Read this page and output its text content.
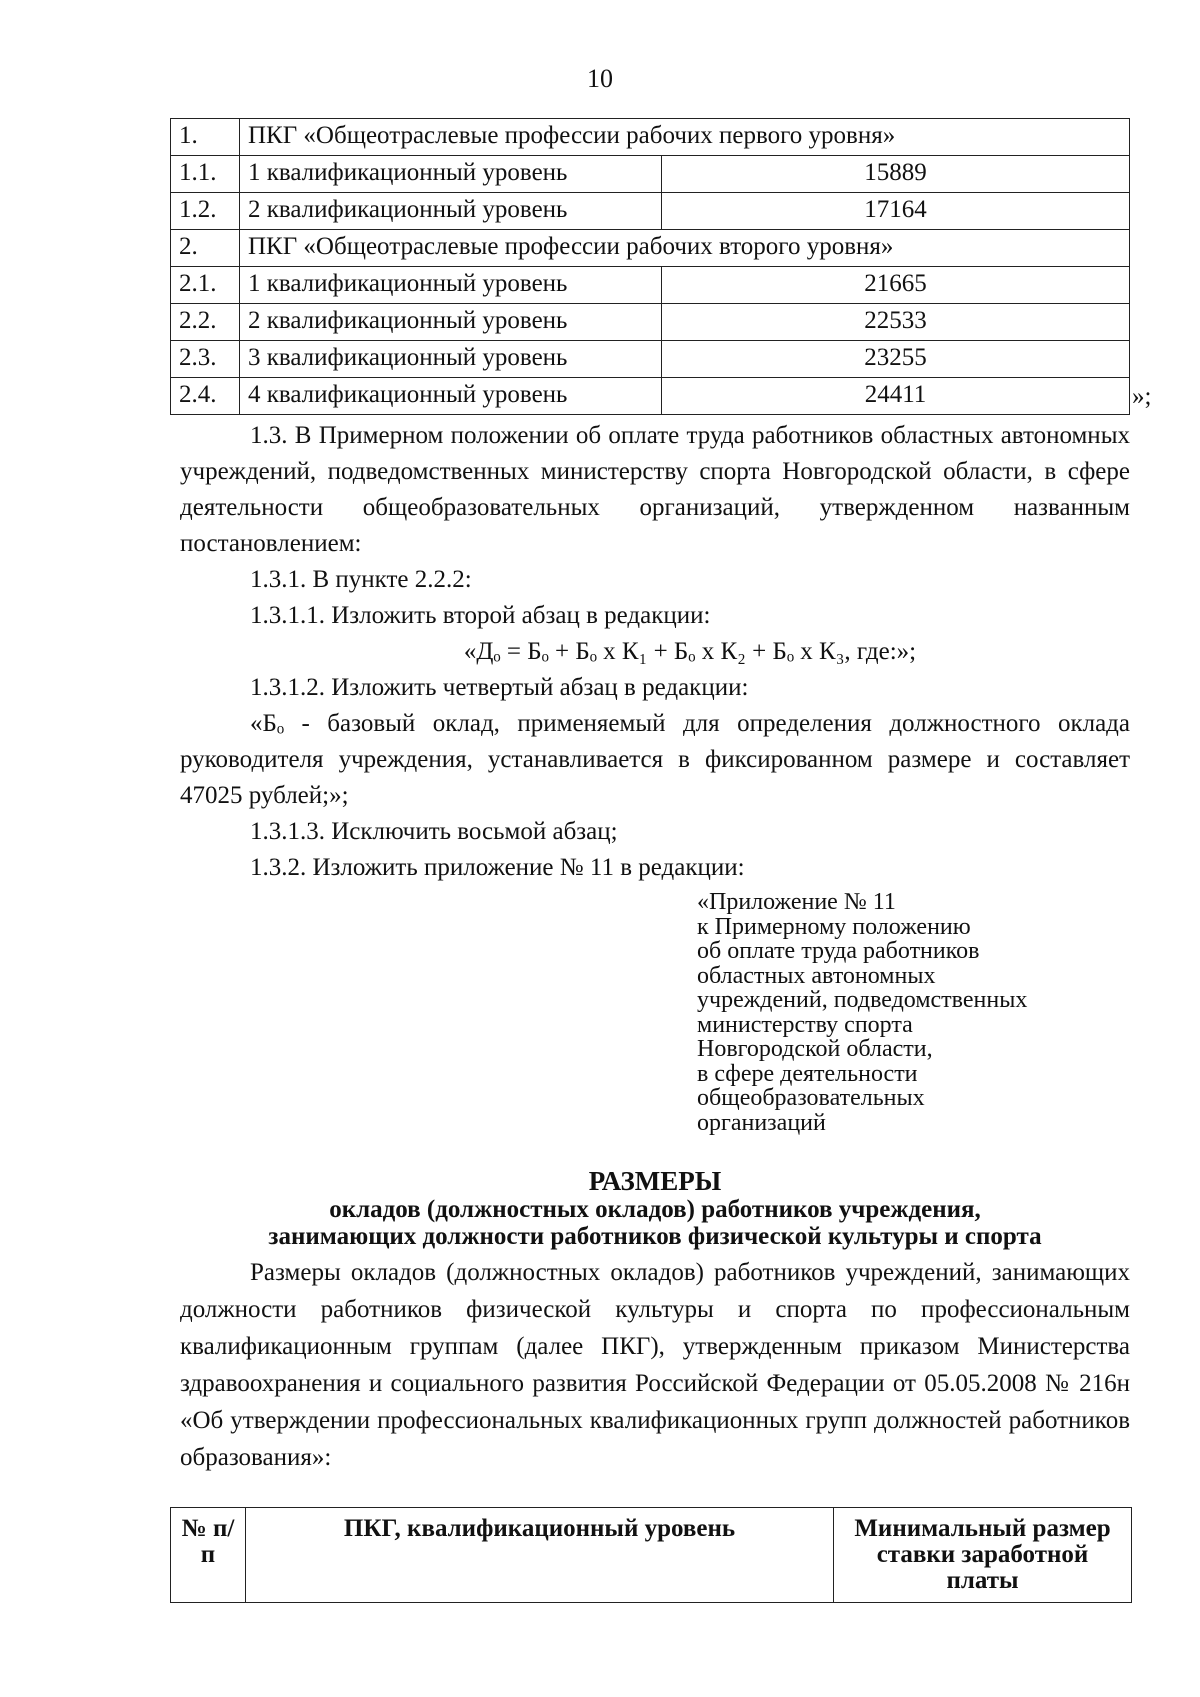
10
1.	ПКГ «Общеотраслевые профессии рабочих первого уровня»	
1.1.	1 квалификационный уровень	15889
1.2.	2 квалификационный уровень	17164
2.	ПКГ «Общеотраслевые профессии рабочих второго уровня»	
2.1.	1 квалификационный уровень	21665
2.2.	2 квалификационный уровень	22533
2.3.	3 квалификационный уровень	23255
2.4.	4 квалификационный уровень	24411	»;
1.3. В Примерном положении об оплате труда работников областных автономных учреждений, подведомственных министерству спорта Новгородской области, в сфере деятельности общеобразовательных организаций, утвержденном названным постановлением:
1.3.1. В пункте 2.2.2:
1.3.1.1. Изложить второй абзац в редакции:
«Дₒ = Бₒ + Бₒ х К₁ + Бₒ х К₂ + Бₒ х К₃, где:»;
1.3.1.2. Изложить четвертый абзац в редакции:
«Бₒ - базовый оклад, применяемый для определения должностного оклада руководителя учреждения, устанавливается в фиксированном размере и составляет 47025 рублей;»;
1.3.1.3. Исключить восьмой абзац;
1.3.2. Изложить приложение № 11 в редакции:
«Приложение № 11
к Примерному положению
об оплате труда работников
областных автономных
учреждений, подведомственных
министерству спорта
Новгородской области,
в сфере деятельности
общеобразовательных
организаций
РАЗМЕРЫ
окладов (должностных окладов) работников учреждения,
занимающих должности работников физической культуры и спорта
Размеры окладов (должностных окладов) работников учреждений, занимающих должности работников физической культуры и спорта по профессиональным квалификационным группам (далее ПКГ), утвержденным приказом Министерства здравоохранения и социального развития Российской Федерации от 05.05.2008 № 216н «Об утверждении профессиональных квалификационных групп должностей работников образования»:
№ п/п	ПКГ, квалификационный уровень	Минимальный размер ставки заработной платы
